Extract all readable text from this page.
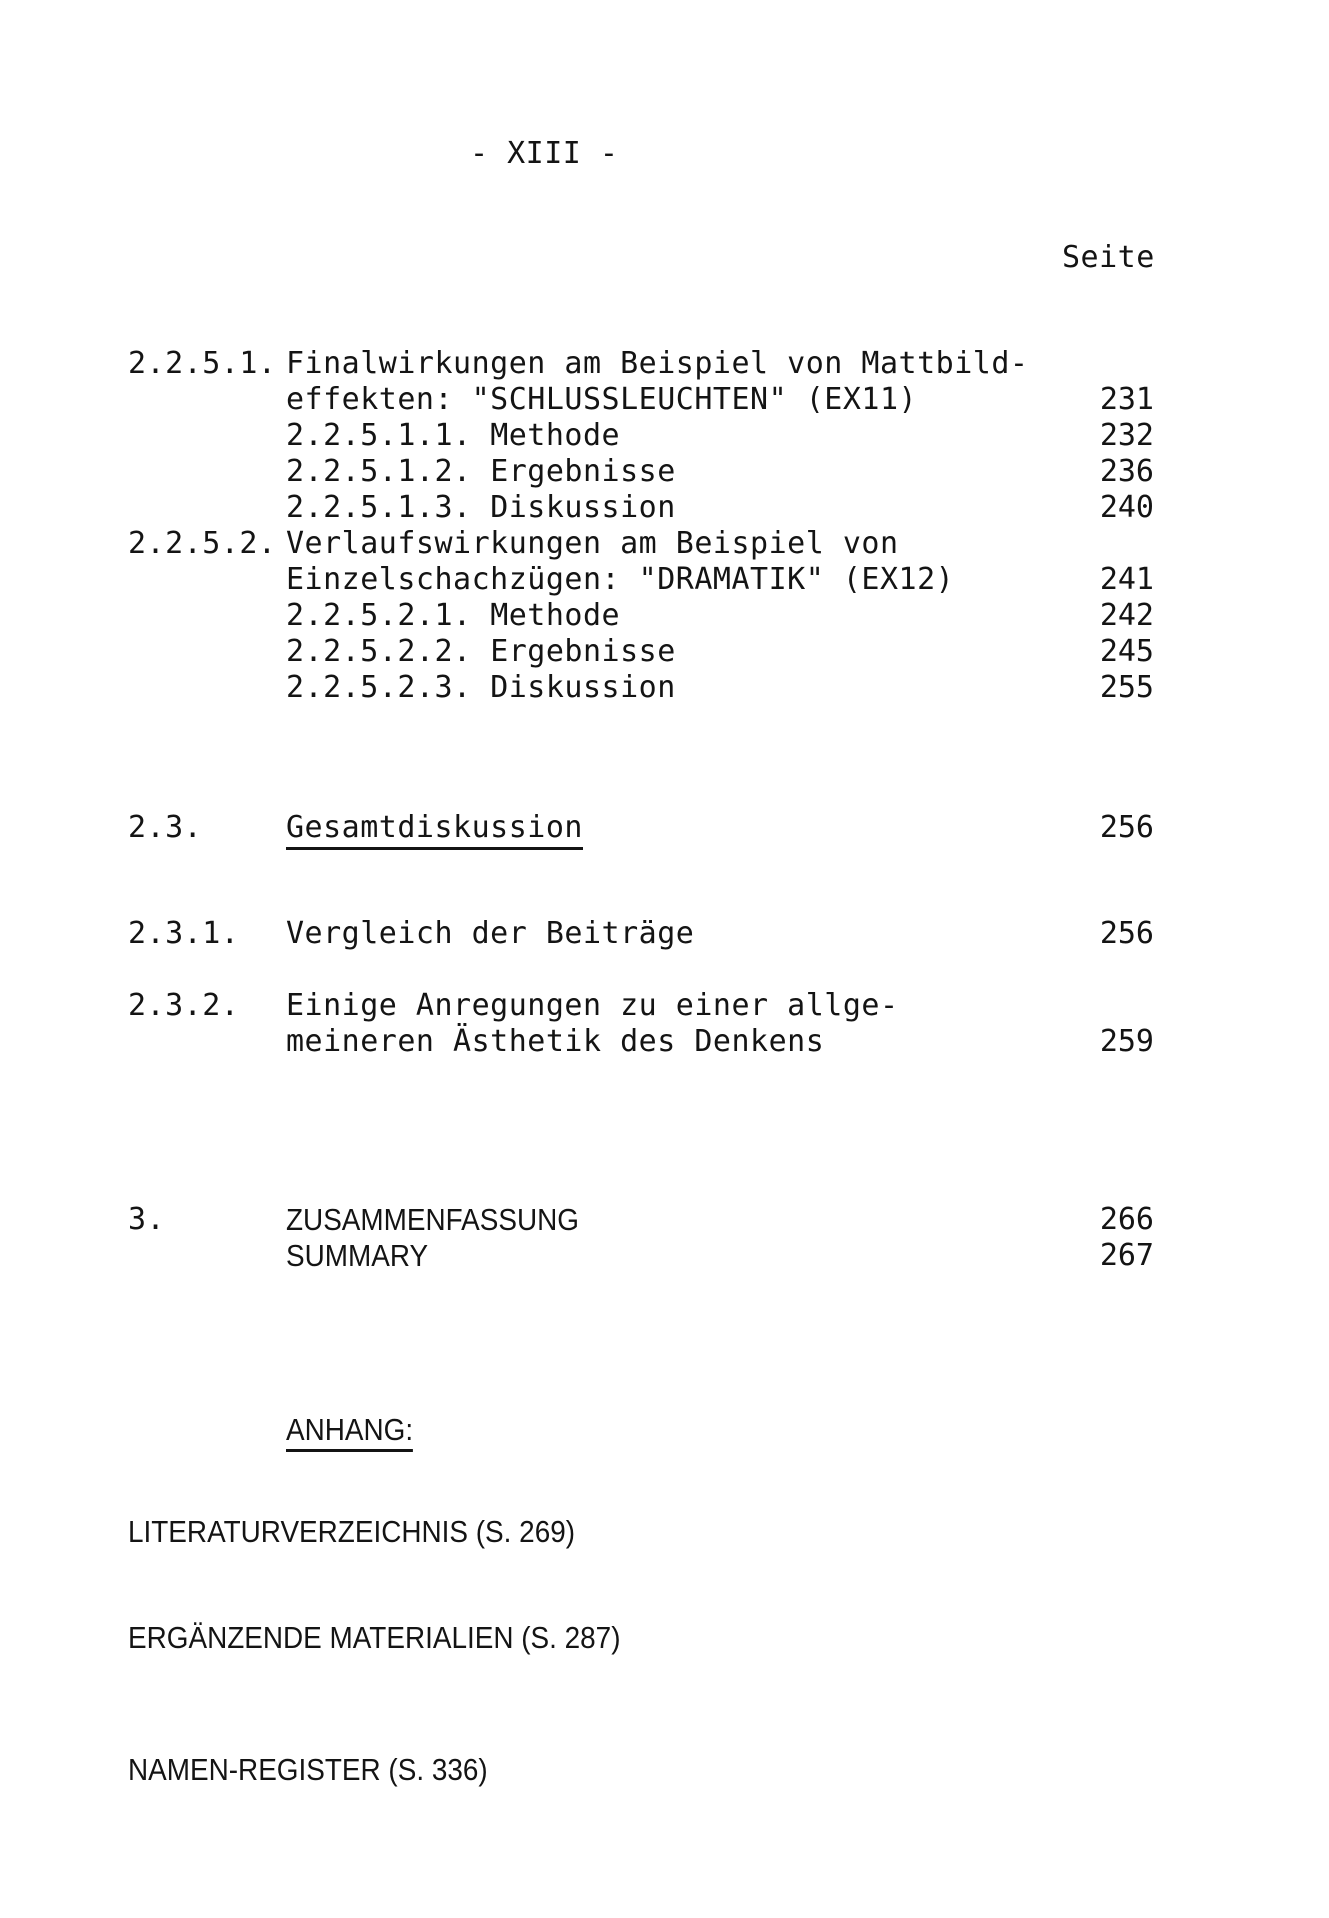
- XIII -
Seite
2.2.5.1. Finalwirkungen am Beispiel von Mattbild-
effekten: "SCHLUSSLEUCHTEN" (EX11)	231
2.2.5.1.1. Methode	232
2.2.5.1.2. Ergebnisse	236
2.2.5.1.3. Diskussion	240
2.2.5.2. Verlaufswirkungen am Beispiel von
Einzelschachzügen: "DRAMATIK" (EX12)	241
2.2.5.2.1. Methode	242
2.2.5.2.2. Ergebnisse	245
2.2.5.2.3. Diskussion	255
2.3.	Gesamtdiskussion	256
2.3.1. Vergleich der Beiträge	256
2.3.2. Einige Anregungen zu einer allge-
meineren Ästhetik des Denkens	259
3.	ZUSAMMENFASSUNG	266
SUMMARY	267
ANHANG:
LITERATURVERZEICHNIS (S. 269)
ERGÄNZENDE MATERIALIEN (S. 287)
NAMEN-REGISTER (S. 336)
